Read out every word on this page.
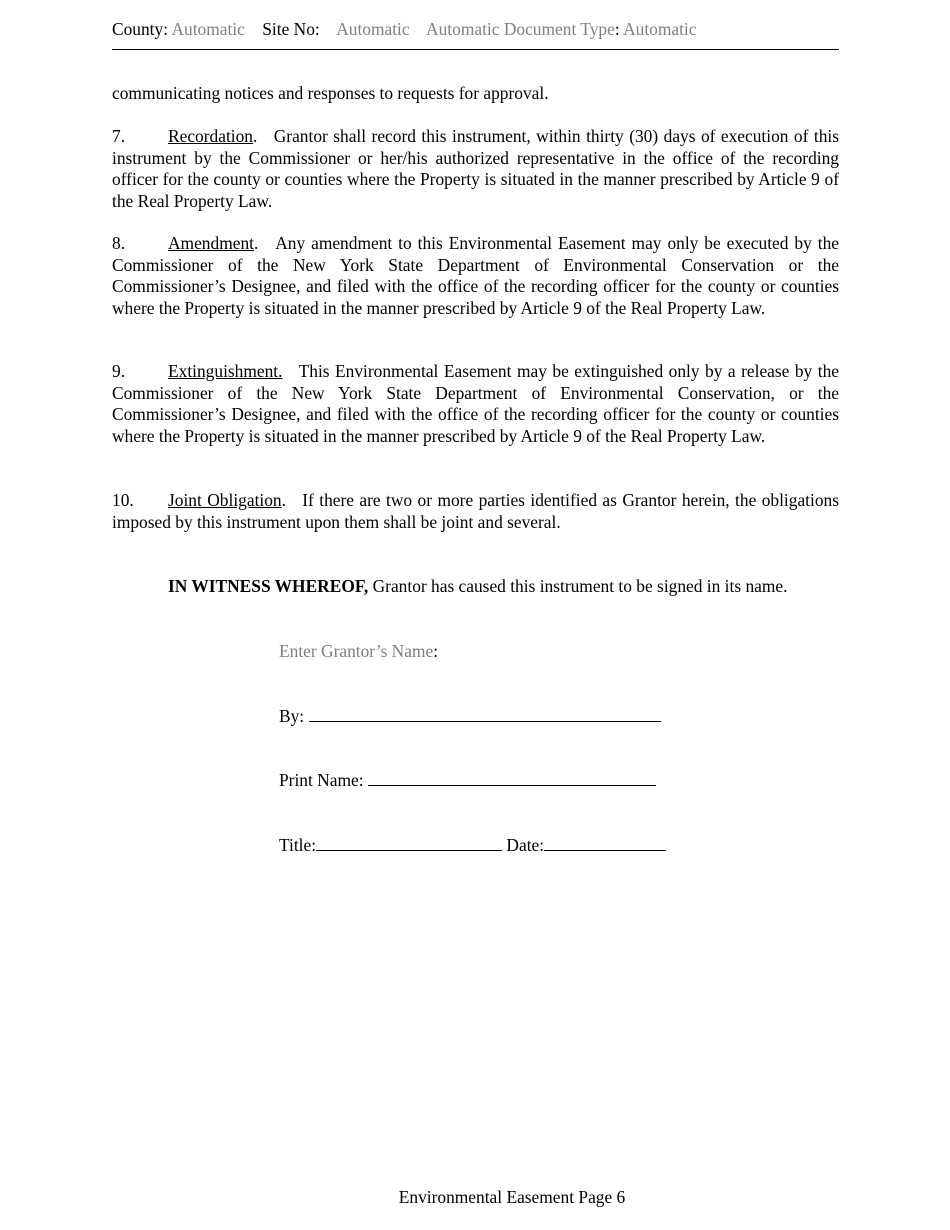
County: Automatic Site No: Automatic Automatic Document Type: Automatic

communicating notices and responses to requests for approval.

7. Recordation. Grantor shall record this instrument, within thirty (30) days of execution of this instrument by the Commissioner or her/his authorized representative in the office of the recording officer for the county or counties where the Property is situated in the manner prescribed by Article 9 of the Real Property Law.

8. Amendment. Any amendment to this Environmental Easement may only be executed by the Commissioner of the New York State Department of Environmental Conservation or the Commissioner’s Designee, and filed with the office of the recording officer for the county or counties where the Property is situated in the manner prescribed by Article 9 of the Real Property Law.

9. Extinguishment. This Environmental Easement may be extinguished only by a release by the Commissioner of the New York State Department of Environmental Conservation, or the Commissioner’s Designee, and filed with the office of the recording officer for the county or counties where the Property is situated in the manner prescribed by Article 9 of the Real Property Law.

10. Joint Obligation. If there are two or more parties identified as Grantor herein, the obligations imposed by this instrument upon them shall be joint and several.

IN WITNESS WHEREOF, Grantor has caused this instrument to be signed in its name.
Enter Grantor’s Name:
By:
Print Name:
Title:	Date:
Environmental Easement Page 6
